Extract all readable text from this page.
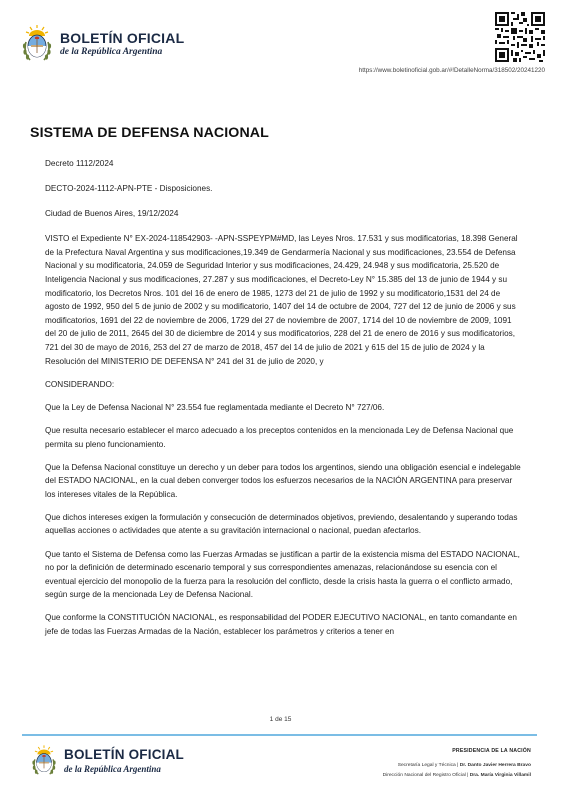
BOLETÍN OFICIAL
de la República Argentina
https://www.boletinoficial.gob.ar/#!DetalleNorma/318502/20241220
SISTEMA DE DEFENSA NACIONAL

Decreto 1112/2024

DECTO-2024-1112-APN-PTE - Disposiciones.

Ciudad de Buenos Aires, 19/12/2024

VISTO el Expediente N° EX-2024-118542903- -APN-SSPEYPM#MD, las Leyes Nros. 17.531 y sus modificatorias, 18.398 General de la Prefectura Naval Argentina y sus modificaciones,19.349 de Gendarmería Nacional y sus modificaciones, 23.554 de Defensa Nacional y su modificatoria, 24.059 de Seguridad Interior y sus modificaciones, 24.429, 24.948 y sus modificatoria, 25.520 de Inteligencia Nacional y sus modificaciones, 27.287 y sus modificaciones, el Decreto-Ley N° 15.385 del 13 de junio de 1944 y su modificatorio, los Decretos Nros. 101 del 16 de enero de 1985, 1273 del 21 de julio de 1992 y su modificatorio,1531 del 24 de agosto de 1992, 950 del 5 de junio de 2002 y su modificatorio, 1407 del 14 de octubre de 2004, 727 del 12 de junio de 2006 y sus modificatorios, 1691 del 22 de noviembre de 2006, 1729 del 27 de noviembre de 2007, 1714 del 10 de noviembre de 2009, 1091 del 20 de julio de 2011, 2645 del 30 de diciembre de 2014 y sus modificatorios, 228 del 21 de enero de 2016 y sus modificatorios, 721 del 30 de mayo de 2016, 253 del 27 de marzo de 2018, 457 del 14 de julio de 2021 y 615 del 15 de julio de 2024 y la Resolución del MINISTERIO DE DEFENSA N° 241 del 31 de julio de 2020, y

CONSIDERANDO:

Que la Ley de Defensa Nacional N° 23.554 fue reglamentada mediante el Decreto N° 727/06.

Que resulta necesario establecer el marco adecuado a los preceptos contenidos en la mencionada Ley de Defensa Nacional que permita su pleno funcionamiento.

Que la Defensa Nacional constituye un derecho y un deber para todos los argentinos, siendo una obligación esencial e indelegable del ESTADO NACIONAL, en la cual deben converger todos los esfuerzos necesarios de la NACIÓN ARGENTINA para preservar los intereses vitales de la República.

Que dichos intereses exigen la formulación y consecución de determinados objetivos, previendo, desalentando y superando todas aquellas acciones o actividades que atente a su gravitación internacional o nacional, puedan afectarlos.

Que tanto el Sistema de Defensa como las Fuerzas Armadas se justifican a partir de la existencia misma del ESTADO NACIONAL, no por la definición de determinado escenario temporal y sus correspondientes amenazas, relacionándose su esencia con el eventual ejercicio del monopolio de la fuerza para la resolución del conflicto, desde la crisis hasta la guerra o el conflicto armado, según surge de la mencionada Ley de Defensa Nacional.

Que conforme la CONSTITUCIÓN NACIONAL, es responsabilidad del PODER EJECUTIVO NACIONAL, en tanto comandante en jefe de todas las Fuerzas Armadas de la Nación, establecer los parámetros y criterios a tener en

1 de 15
BOLETÍN OFICIAL
de la República Argentina
PRESIDENCIA DE LA NACIÓN
Secretaría Legal y Técnica | Dr. Danto Javier Herrera Bravo
Dirección Nacional del Registro Oficial | Dra. María Virginia Villamil
